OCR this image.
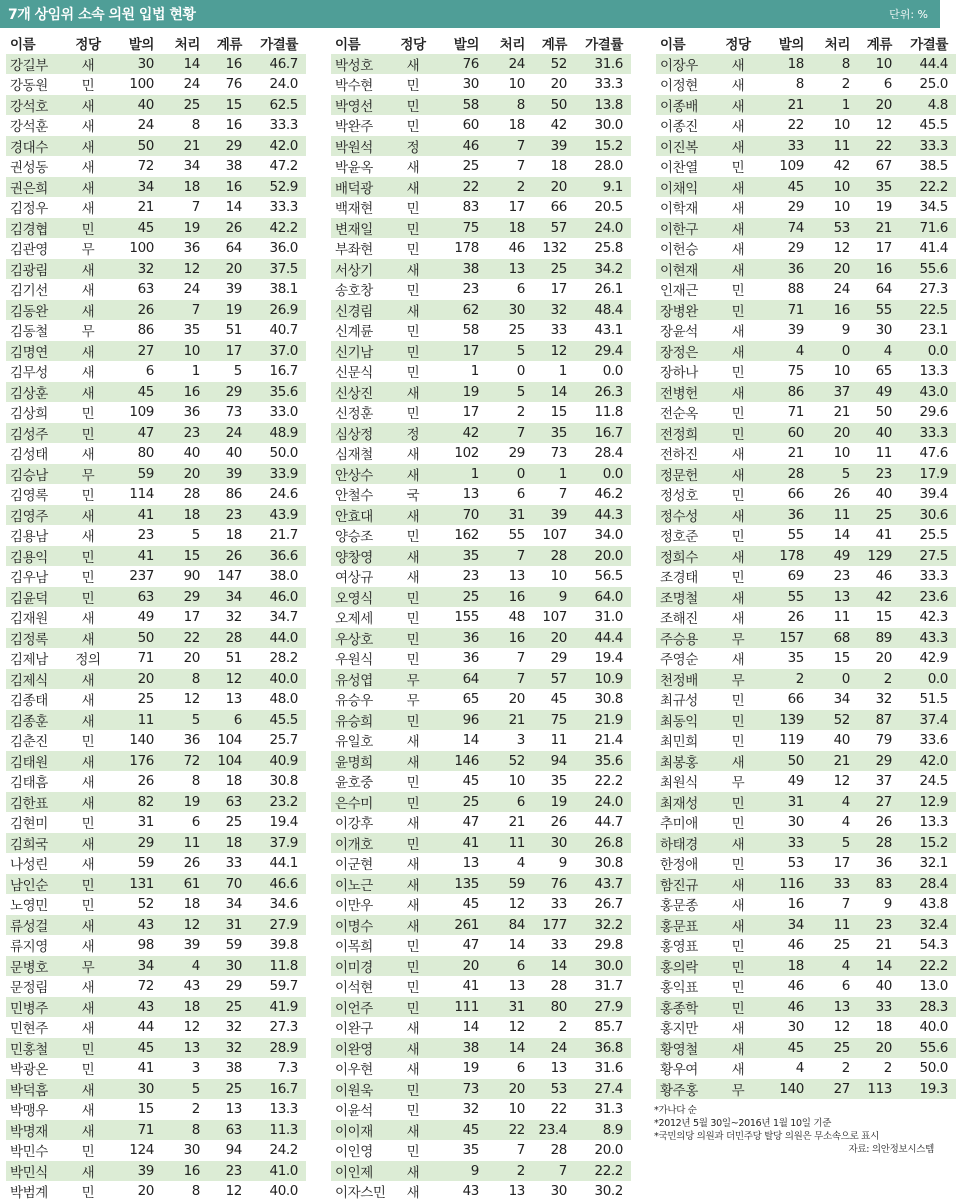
7개 상임위 소속 의원 입법 현황	단위: %
이름	정당	발의	처리	계류	가결률
강길부	새	30	14	16	46.7
강동원	민	100	24	76	24.0
강석호	새	40	25	15	62.5
강석훈	새	24	8	16	33.3
경대수	새	50	21	29	42.0
권성동	새	72	34	38	47.2
권은희	새	34	18	16	52.9
김정우	새	21	7	14	33.3
김경협	민	45	19	26	42.2
김관영	무	100	36	64	36.0
김광림	새	32	12	20	37.5
김기선	새	63	24	39	38.1
김동완	새	26	7	19	26.9
김동철	무	86	35	51	40.7
김명연	새	27	10	17	37.0
김무성	새	6	1	5	16.7
김상훈	새	45	16	29	35.6
김상희	민	109	36	73	33.0
김성주	민	47	23	24	48.9
김성태	새	80	40	40	50.0
김승남	무	59	20	39	33.9
김영록	민	114	28	86	24.6
김영주	새	41	18	23	43.9
김용남	새	23	5	18	21.7
김용익	민	41	15	26	36.6
김우남	민	237	90	147	38.0
김윤덕	민	63	29	34	46.0
김재원	새	49	17	32	34.7
김정록	새	50	22	28	44.0
김제남	정의	71	20	51	28.2
김제식	새	20	8	12	40.0
김종태	새	25	12	13	48.0
김종훈	새	11	5	6	45.5
김춘진	민	140	36	104	25.7
김태원	새	176	72	104	40.9
김태흠	새	26	8	18	30.8
김한표	새	82	19	63	23.2
김현미	민	31	6	25	19.4
김희국	새	29	11	18	37.9
나성린	새	59	26	33	44.1
남인순	민	131	61	70	46.6
노영민	민	52	18	34	34.6
류성걸	새	43	12	31	27.9
류지영	새	98	39	59	39.8
문병호	무	34	4	30	11.8
문정림	새	72	43	29	59.7
민병주	새	43	18	25	41.9
민현주	새	44	12	32	27.3
민홍철	민	45	13	32	28.9
박광온	민	41	3	38	7.3
박덕흠	새	30	5	25	16.7
박맹우	새	15	2	13	13.3
박명재	새	71	8	63	11.3
박민수	민	124	30	94	24.2
박민식	새	39	16	23	41.0
박범계	민	20	8	12	40.0
이름	정당	발의	처리	계류	가결률
박성호	새	76	24	52	31.6
박수현	민	30	10	20	33.3
박영선	민	58	8	50	13.8
박완주	민	60	18	42	30.0
박원석	정	46	7	39	15.2
박윤옥	새	25	7	18	28.0
배덕광	새	22	2	20	9.1
백재현	민	83	17	66	20.5
변재일	민	75	18	57	24.0
부좌현	민	178	46	132	25.8
서상기	새	38	13	25	34.2
송호창	민	23	6	17	26.1
신경림	새	62	30	32	48.4
신계륜	민	58	25	33	43.1
신기남	민	17	5	12	29.4
신문식	민	1	0	1	0.0
신상진	새	19	5	14	26.3
신정훈	민	17	2	15	11.8
심상정	정	42	7	35	16.7
심재철	새	102	29	73	28.4
안상수	새	1	0	1	0.0
안철수	국	13	6	7	46.2
안효대	새	70	31	39	44.3
양승조	민	162	55	107	34.0
양창영	새	35	7	28	20.0
여상규	새	23	13	10	56.5
오영식	민	25	16	9	64.0
오제세	민	155	48	107	31.0
우상호	민	36	16	20	44.4
우원식	민	36	7	29	19.4
유성엽	무	64	7	57	10.9
유승우	무	65	20	45	30.8
유승희	민	96	21	75	21.9
유일호	새	14	3	11	21.4
윤명희	새	146	52	94	35.6
윤호중	민	45	10	35	22.2
은수미	민	25	6	19	24.0
이강후	새	47	21	26	44.7
이개호	민	41	11	30	26.8
이군현	새	13	4	9	30.8
이노근	새	135	59	76	43.7
이만우	새	45	12	33	26.7
이명수	새	261	84	177	32.2
이목희	민	47	14	33	29.8
이미경	민	20	6	14	30.0
이석현	민	41	13	28	31.7
이언주	민	111	31	80	27.9
이완구	새	14	12	2	85.7
이완영	새	38	14	24	36.8
이우현	새	19	6	13	31.6
이원욱	민	73	20	53	27.4
이윤석	민	32	10	22	31.3
이이재	새	45	22	23.4	8.9
이인영	민	35	7	28	20.0
이인제	새	9	2	7	22.2
이자스민	새	43	13	30	30.2
이름	정당	발의	처리	계류	가결률
이장우	새	18	8	10	44.4
이정현	새	8	2	6	25.0
이종배	새	21	1	20	4.8
이종진	새	22	10	12	45.5
이진복	새	33	11	22	33.3
이찬열	민	109	42	67	38.5
이채익	새	45	10	35	22.2
이학재	새	29	10	19	34.5
이한구	새	74	53	21	71.6
이헌승	새	29	12	17	41.4
이현재	새	36	20	16	55.6
인재근	민	88	24	64	27.3
장병완	민	71	16	55	22.5
장윤석	새	39	9	30	23.1
장정은	새	4	0	4	0.0
장하나	민	75	10	65	13.3
전병헌	새	86	37	49	43.0
전순옥	민	71	21	50	29.6
전정희	민	60	20	40	33.3
전하진	새	21	10	11	47.6
정문헌	새	28	5	23	17.9
정성호	민	66	26	40	39.4
정수성	새	36	11	25	30.6
정호준	민	55	14	41	25.5
정희수	새	178	49	129	27.5
조경태	민	69	23	46	33.3
조명철	새	55	13	42	23.6
조해진	새	26	11	15	42.3
주승용	무	157	68	89	43.3
주영순	새	35	15	20	42.9
천정배	무	2	0	2	0.0
최규성	민	66	34	32	51.5
최동익	민	139	52	87	37.4
최민희	민	119	40	79	33.6
최봉홍	새	50	21	29	42.0
최원식	무	49	12	37	24.5
최재성	민	31	4	27	12.9
추미애	민	30	4	26	13.3
하태경	새	33	5	28	15.2
한정애	민	53	17	36	32.1
함진규	새	116	33	83	28.4
홍문종	새	16	7	9	43.8
홍문표	새	34	11	23	32.4
홍영표	민	46	25	21	54.3
홍의락	민	18	4	14	22.2
홍익표	민	46	6	40	13.0
홍종학	민	46	13	33	28.3
홍지만	새	30	12	18	40.0
황영철	새	45	25	20	55.6
황우여	새	4	2	2	50.0
황주홍	무	140	27	113	19.3
*가나다 순
*2012년 5월 30일~2016년 1월 10일 기준
*국민의당 의원과 더민주당 탈당 의원은 무소속으로 표시
자료: 의안정보시스템
